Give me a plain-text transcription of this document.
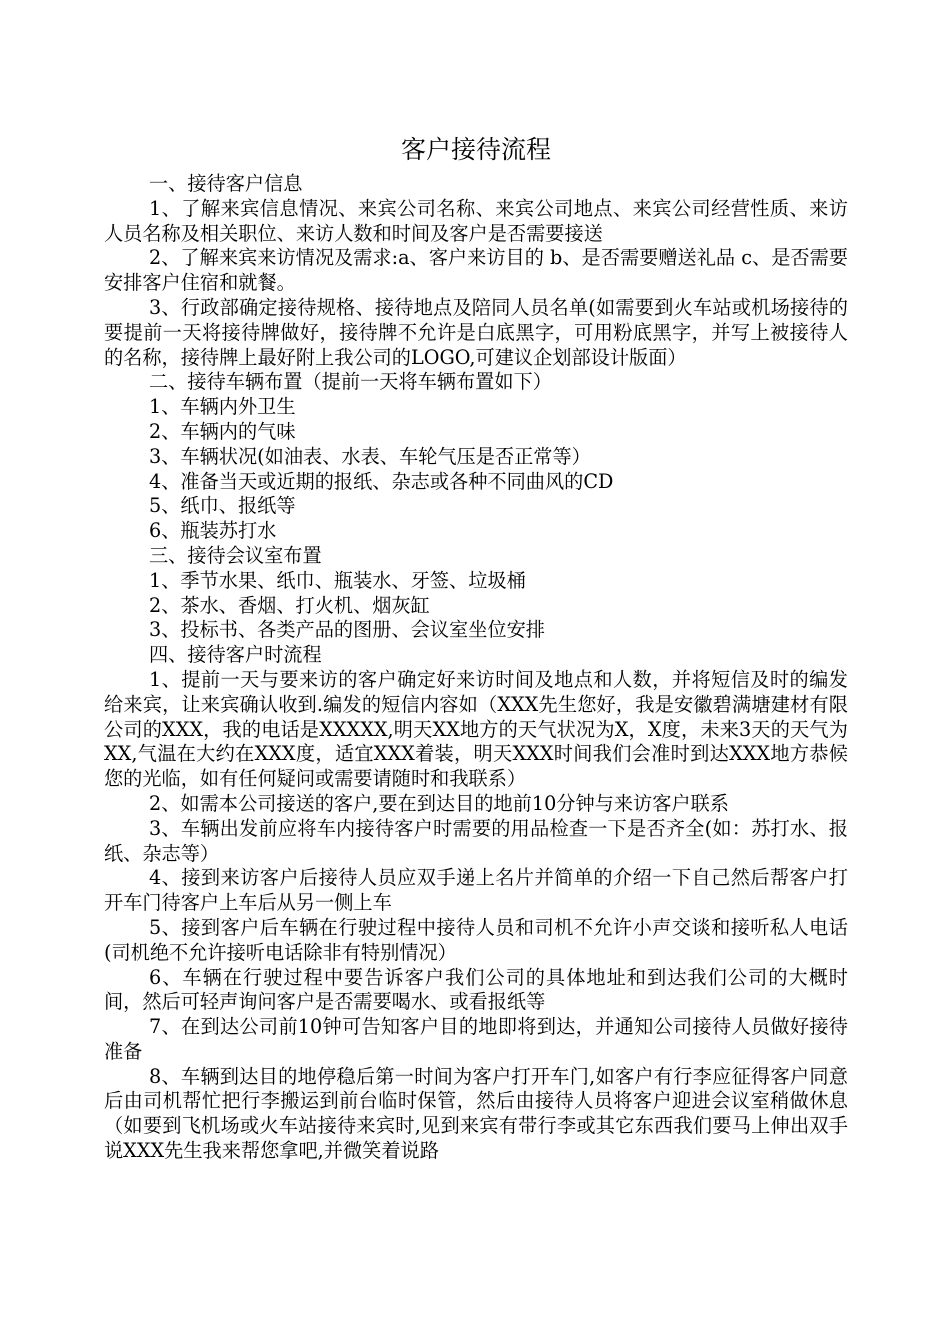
客户接待流程

一、接待客户信息

1、了解来宾信息情况、来宾公司名称、来宾公司地点、来宾公司经营性质、来访人员名称及相关职位、来访人数和时间及客户是否需要接送

2、了解来宾来访情况及需求:a、客户来访目的 b、是否需要赠送礼品 c、是否需要安排客户住宿和就餐。

3、行政部确定接待规格、接待地点及陪同人员名单(如需要到火车站或机场接待的要提前一天将接待牌做好，接待牌不允许是白底黑字，可用粉底黑字，并写上被接待人的名称，接待牌上最好附上我公司的LOGO,可建议企划部设计版面）

二、接待车辆布置（提前一天将车辆布置如下）

1、车辆内外卫生

2、车辆内的气味

3、车辆状况(如油表、水表、车轮气压是否正常等）

4、准备当天或近期的报纸、杂志或各种不同曲风的CD

5、纸巾、报纸等

6、瓶装苏打水

三、接待会议室布置

1、季节水果、纸巾、瓶装水、牙签、垃圾桶

2、茶水、香烟、打火机、烟灰缸

3、投标书、各类产品的图册、会议室坐位安排

四、接待客户时流程

1、提前一天与要来访的客户确定好来访时间及地点和人数，并将短信及时的编发给来宾，让来宾确认收到.编发的短信内容如（XXX先生您好，我是安徽碧满塘建材有限公司的XXX，我的电话是XXXXX,明天XX地方的天气状况为X，X度，未来3天的天气为XX,气温在大约在XXX度，适宜XXX着装，明天XXX时间我们会准时到达XXX地方恭候您的光临，如有任何疑问或需要请随时和我联系）

2、如需本公司接送的客户,要在到达目的地前10分钟与来访客户联系

3、车辆出发前应将车内接待客户时需要的用品检查一下是否齐全(如：苏打水、报纸、杂志等）

4、接到来访客户后接待人员应双手递上名片并简单的介绍一下自己然后帮客户打开车门待客户上车后从另一侧上车

5、接到客户后车辆在行驶过程中接待人员和司机不允许小声交谈和接听私人电话(司机绝不允许接听电话除非有特别情况）

6、车辆在行驶过程中要告诉客户我们公司的具体地址和到达我们公司的大概时间，然后可轻声询问客户是否需要喝水、或看报纸等

7、在到达公司前10钟可告知客户目的地即将到达，并通知公司接待人员做好接待准备

8、车辆到达目的地停稳后第一时间为客户打开车门,如客户有行李应征得客户同意后由司机帮忙把行李搬运到前台临时保管，然后由接待人员将客户迎进会议室稍做休息（如要到飞机场或火车站接待来宾时,见到来宾有带行李或其它东西我们要马上伸出双手说XXX先生我来帮您拿吧,并微笑着说路
